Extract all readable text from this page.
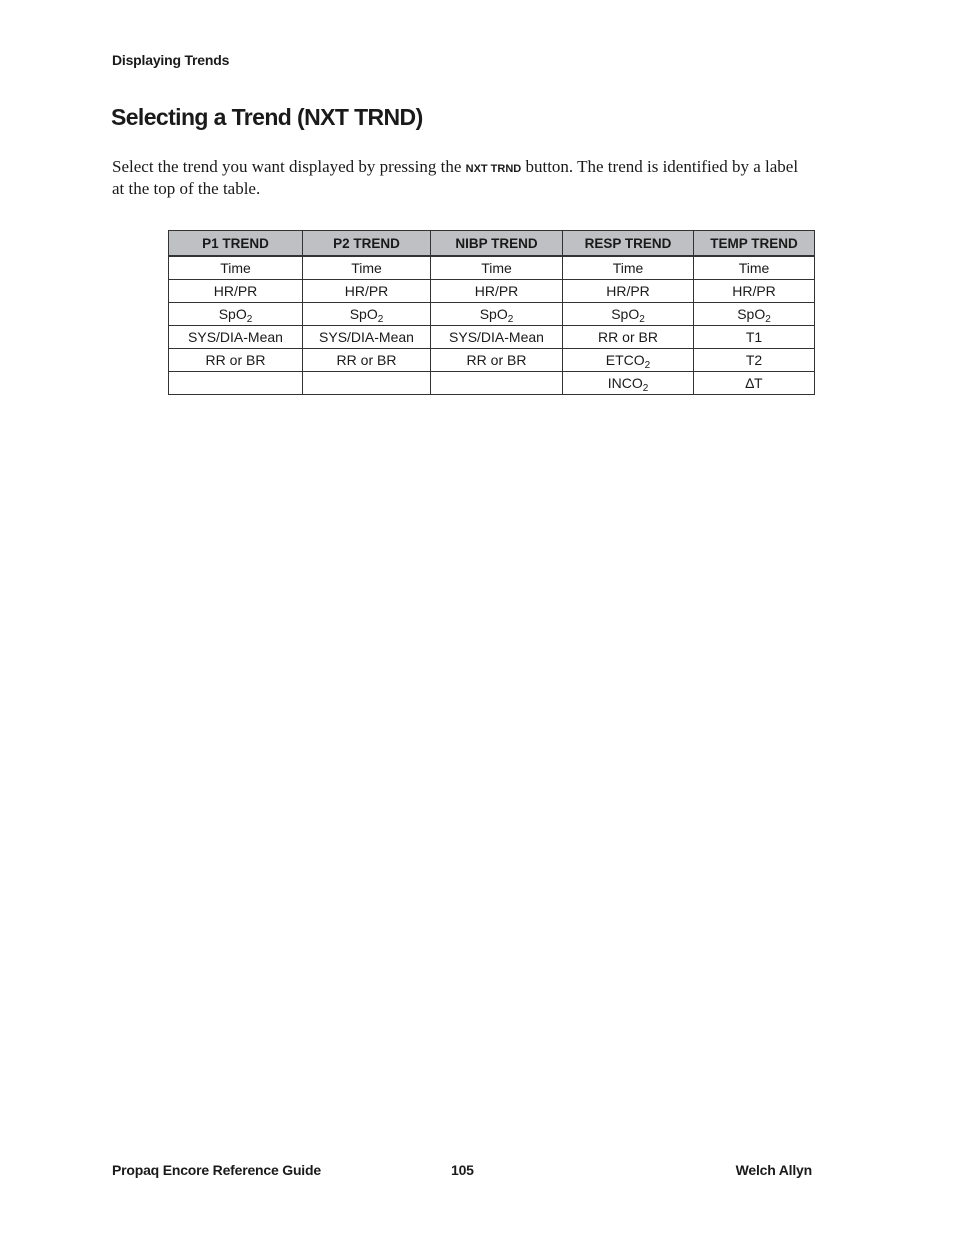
Displaying Trends
Selecting a Trend (NXT TRND)

Select the trend you want displayed by pressing the NXT TRND button. The trend is identified by a label at the top of the table.

P1 TREND	P2 TREND	NIBP TREND	RESP TREND	TEMP TREND
Time	Time	Time	Time	Time
HR/PR	HR/PR	HR/PR	HR/PR	HR/PR
SpO$_2$	SpO$_2$	SpO$_2$	SpO$_2$	SpO$_2$
SYS/DIA-Mean	SYS/DIA-Mean	SYS/DIA-Mean	RR or BR	T1
RR or BR	RR or BR	RR or BR	$ETCO_2$	T2
			$INCO_2$	∆T
Propaq Encore Reference Guide	105	Welch Allyn
